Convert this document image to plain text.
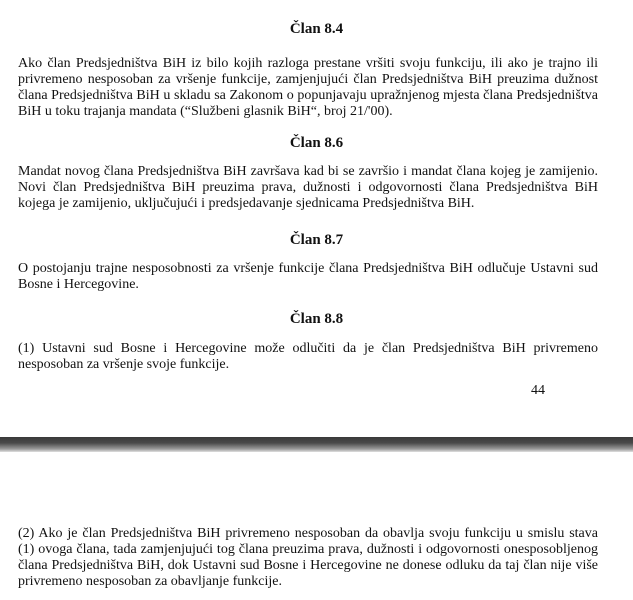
Član 8.4

Ako član Predsjedništva BiH iz bilo kojih razloga prestane vršiti svoju funkciju, ili ako je trajno ili privremeno nesposoban za vršenje funkcije, zamjenjujući član Predsjedništva BiH preuzima dužnost člana Predsjedništva BiH u skladu sa Zakonom o popunjavaju upražnjenog mjesta člana Predsjedništva BiH u toku trajanja mandata (“Službeni glasnik BiH“, broj 21/'00).

Član 8.6

Mandat novog člana Predsjedništva BiH završava kad bi se završio i mandat člana kojeg je zamijenio. Novi član Predsjedništva BiH preuzima prava, dužnosti i odgovornosti člana Predsjedništva BiH kojega je zamijenio, uključujući i predsjedavanje sjednicama Predsjedništva BiH.

Član 8.7

O postojanju trajne nesposobnosti za vršenje funkcije člana Predsjedništva BiH odlučuje Ustavni sud Bosne i Hercegovine.

Član 8.8

(1) Ustavni sud Bosne i Hercegovine može odlučiti da je član Predsjedništva BiH privremeno nesposoban za vršenje svoje funkcije.

44

(2) Ako je član Predsjedništva BiH privremeno nesposoban da obavlja svoju funkciju u smislu stava (1) ovoga člana, tada zamjenjujući tog člana preuzima prava, dužnosti i odgovornosti onesposobljenog člana Predsjedništva BiH, dok Ustavni sud Bosne i Hercegovine ne donese odluku da taj član nije više privremeno nesposoban za obavljanje funkcije.
